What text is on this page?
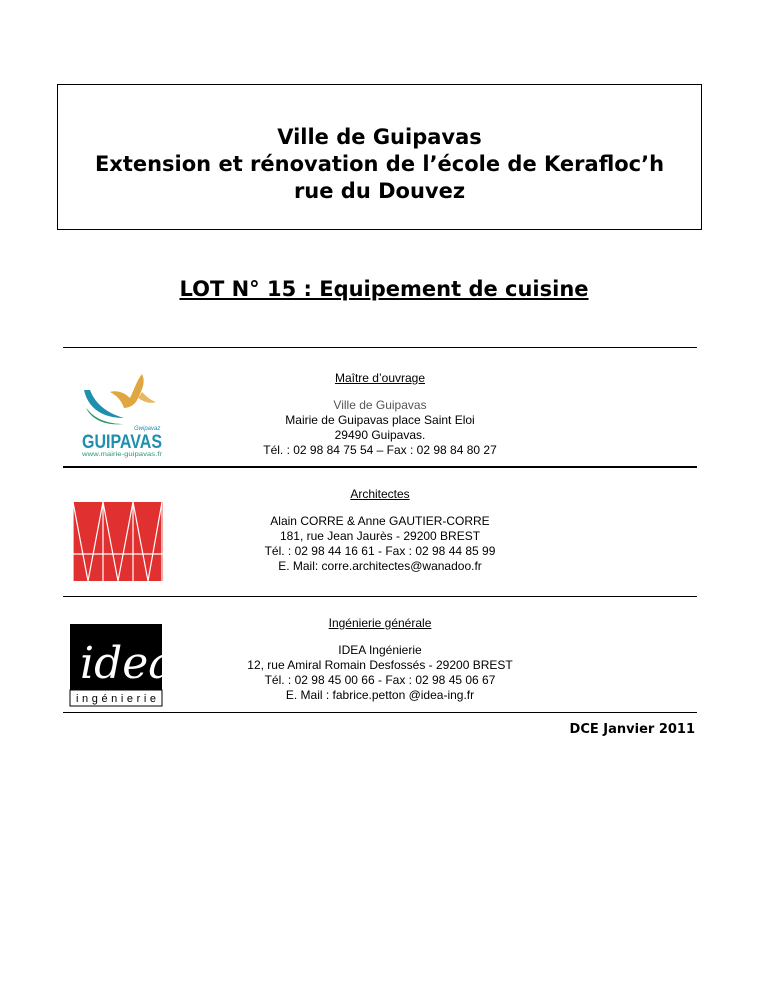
Ville de Guipavas
Extension et rénovation de l’école de Kerafloc’h
rue du Douvez
LOT N° 15 : Equipement de cuisine
Gwipavaz
GUIPAVAS
www.mairie-guipavas.fr
Maître d’ouvrage
Ville de Guipavas
Mairie de Guipavas place Saint Eloi
29490 Guipavas.
Tél. : 02 98 84 75 54 – Fax : 02 98 84 80 27
Architectes
Alain CORRE & Anne GAUTIER-CORRE
181, rue Jean Jaurès - 29200 BREST
Tél. : 02 98 44 16 61 - Fax : 02 98 44 85 99
E. Mail: corre.architectes@wanadoo.fr
idea
ingénierie
Ingénierie générale
IDEA Ingénierie
12, rue Amiral Romain Desfossés - 29200 BREST
Tél. : 02 98 45 00 66 - Fax : 02 98 45 06 67
E. Mail : fabrice.petton @idea-ing.fr
DCE Janvier 2011
